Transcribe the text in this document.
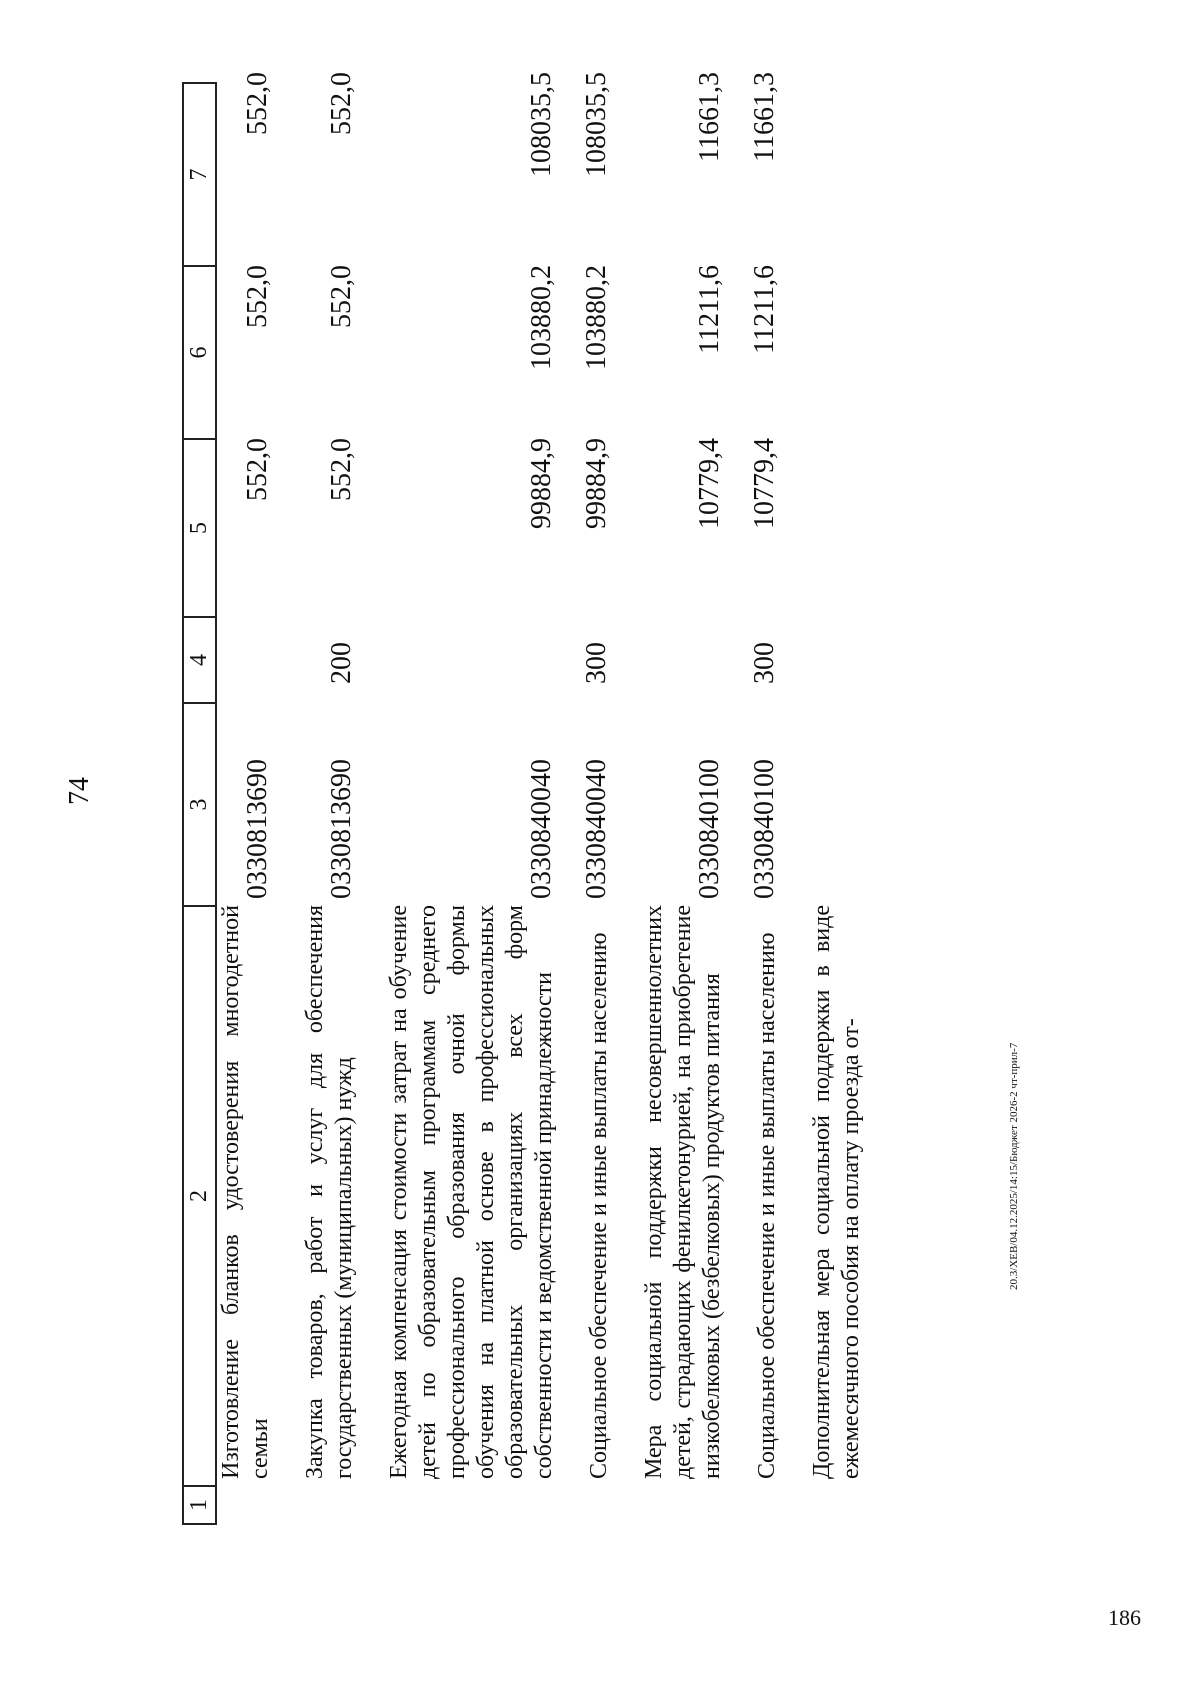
74
1
2
3
4
5
6
7
Изготовление бланков удостоверения многодетной семьи
0330813690
552,0
552,0
552,0
Закупка товаров, работ и услуг для обеспечения государственных (муниципальных) нужд
0330813690
200
552,0
552,0
552,0
Ежегодная компенсация стоимости затрат на обучение детей по образовательным программам среднего профессионального образования очной формы обучения на платной основе в профессиональных образовательных организациях всех форм собственности и ведомственной принадлежности
0330840040
99884,9
103880,2
108035,5
Социальное обеспечение и иные выплаты населению
0330840040
300
99884,9
103880,2
108035,5
Мера социальной поддержки несовершеннолетних детей, страдающих фенилкетонурией, на приобретение низкобелковых (безбелковых) продуктов питания
0330840100
10779,4
11211,6
11661,3
Социальное обеспечение и иные выплаты населению
0330840100
300
10779,4
11211,6
11661,3
Дополнительная мера социальной поддержки в виде ежемесячного пособия на оплату проезда от-	20.3/ХЕВ/04.12.2025/14:15/Бюджет 2026-2 чт-прил-7
186
